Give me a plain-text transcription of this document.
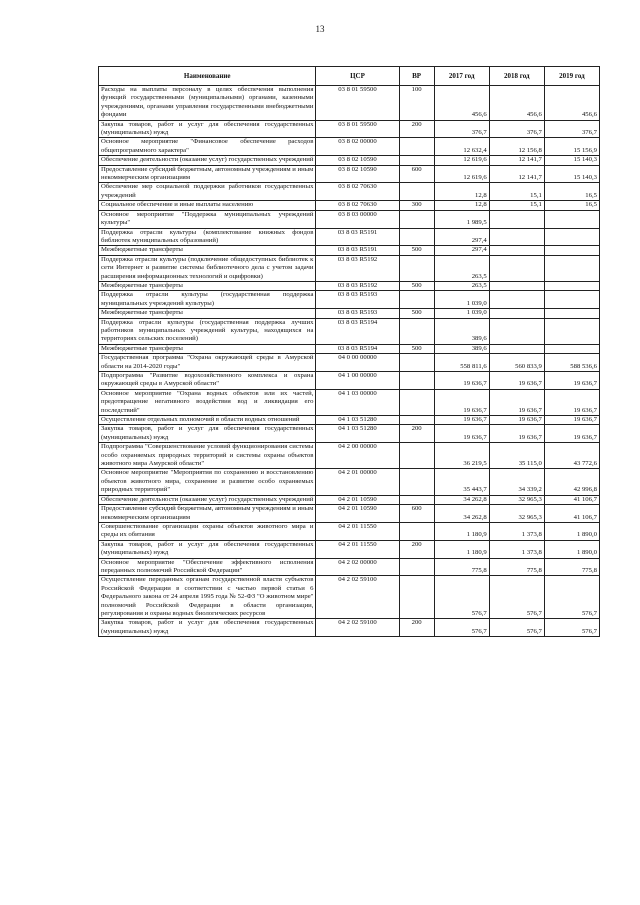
13
Наименование	ЦСР	ВР	2017 год	2018 год	2019 год
Расходы на выплаты персоналу в целях обеспечения выполнения функций государственными (муниципальными) органами, казенными учреждениями, органами управления государственными внебюджетными фондами	03 8 01 59500	100	456,6	456,6	456,6
Закупка товаров, работ и услуг для обеспечения государственных (муниципальных) нужд	03 8 01 59500	200	376,7	376,7	376,7
Основное мероприятие "Финансовое обеспечение расходов общепрограммного характера"	03 8 02 00000		12 632,4	12 156,8	15 156,9
Обеспечение деятельности (оказание услуг) государственных учреждений	03 8 02 10590		12 619,6	12 141,7	15 140,3
Предоставление субсидий бюджетным, автономным учреждениям и иным некоммерческим организациям	03 8 02 10590	600	12 619,6	12 141,7	15 140,3
Обеспечение мер социальной поддержки работников государственных учреждений	03 8 02 70630		12,8	15,1	16,5
Социальное обеспечение и иные выплаты населению	03 8 02 70630	300	12,8	15,1	16,5
Основное мероприятие "Поддержка муниципальных учреждений культуры"	03 8 03 00000		1 989,5		
Поддержка отрасли культуры (комплектование книжных фондов библиотек муниципальных образований)	03 8 03 R5191		297,4		
Межбюджетные трансферты	03 8 03 R5191	500	297,4		
Поддержка отрасли культуры (подключение общедоступных библиотек к сети Интернет и развитие системы библиотечного дела с учетом задачи расширения информационных технологий и оцифровки)	03 8 03 R5192		263,5		
Межбюджетные трансферты	03 8 03 R5192	500	263,5		
Поддержка отрасли культуры (государственная поддержка муниципальных учреждений культуры)	03 8 03 R5193		1 039,0		
Межбюджетные трансферты	03 8 03 R5193	500	1 039,0		
Поддержка отрасли культуры (государственная поддержка лучших работников муниципальных учреждений культуры, находящихся на территориях сельских поселений)	03 8 03 R5194		389,6		
Межбюджетные трансферты	03 8 03 R5194	500	389,6		
Государственная программа "Охрана окружающей среды в Амурской области на 2014-2020 годы"	04 0 00 00000		558 811,6	560 833,9	588 536,6
Подпрограмма "Развитие водохозяйственного комплекса и охрана окружающей среды в Амурской области"	04 1 00 00000		19 636,7	19 636,7	19 636,7
Основное мероприятие "Охрана водных объектов или их частей, предотвращение негативного воздействия вод и ликвидация его последствий"	04 1 03 00000		19 636,7	19 636,7	19 636,7
Осуществление отдельных полномочий в области водных отношений	04 1 03 51280		19 636,7	19 636,7	19 636,7
Закупка товаров, работ и услуг для обеспечения государственных (муниципальных) нужд	04 1 03 51280	200	19 636,7	19 636,7	19 636,7
Подпрограмма "Совершенствование условий функционирования системы особо охраняемых природных территорий и системы охраны объектов животного мира Амурской области"	04 2 00 00000		36 219,5	35 115,0	43 772,6
Основное мероприятие "Мероприятия по сохранению и восстановлению объектов животного мира, сохранение и развитие особо охраняемых природных территорий"	04 2 01 00000		35 443,7	34 339,2	42 996,8
Обеспечение деятельности (оказание услуг) государственных учреждений	04 2 01 10590		34 262,8	32 965,3	41 106,7
Предоставление субсидий бюджетным, автономным учреждениям и иным некоммерческим организациям	04 2 01 10590	600	34 262,8	32 965,3	41 106,7
Совершенствование организации охраны объектов животного мира и среды их обитания	04 2 01 11550		1 180,9	1 373,8	1 890,0
Закупка товаров, работ и услуг для обеспечения государственных (муниципальных) нужд	04 2 01 11550	200	1 180,9	1 373,8	1 890,0
Основное мероприятие "Обеспечение эффективного исполнения переданных полномочий Российской Федерации"	04 2 02 00000		775,8	775,8	775,8
Осуществление переданных органам государственной власти субъектов Российской Федерации в соответствии с частью первой статьи 6 Федерального закона от 24 апреля 1995 года № 52-ФЗ "О животном мире" полномочий Российской Федерации в области организации, регулирования и охраны водных биологических ресурсов	04 2 02 59100		576,7	576,7	576,7
Закупка товаров, работ и услуг для обеспечения государственных (муниципальных) нужд	04 2 02 59100	200	576,7	576,7	576,7
